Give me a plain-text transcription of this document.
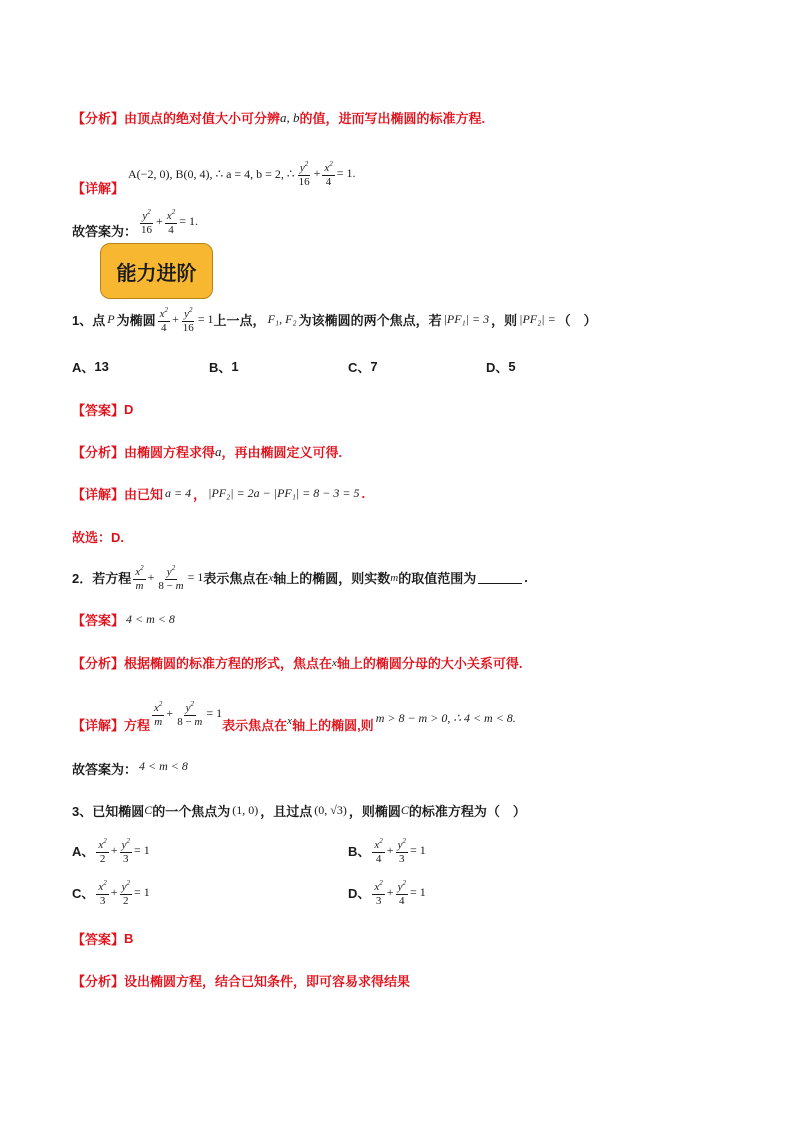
【分析】 由顶点的绝对值大小可分辨 a, b 的值，进而写出椭圆的标准方程.
【详解】
A(−2, 0), B(0, 4), ∴ a = 4, b = 2, ∴ $\frac{y^2}{16} + \frac{x^2}{4} = 1$.
故答案为： $\frac{y^2}{16} + \frac{x^2}{4} = 1$.
能力进阶
1、点 P 为椭圆 $\frac{x^2}{4} + \frac{y^2}{16} = 1$ 上一点， F₁, F₂ 为该椭圆的两个焦点，若 |PF₁| = 3 ，则 |PF₂| = （　）
A、 13	B、 1	C、 7	D、 5
【答案】 D
【分析】 由椭圆方程求得 a ，再由椭圆定义可得.
【详解】 由已知 a = 4 ， |PF₂| = 2a − |PF₁| = 8 − 3 = 5 .
故选：D.
2．若方程 $\frac{x^2}{m} + \frac{y^2}{8 - m} = 1$ 表示焦点在 x 轴上的椭圆，则实数 m 的取值范围为	.
【答案】 4 < m < 8
【分析】 根据椭圆的标准方程的形式，焦点在 x 轴上的椭圆分母的大小关系可得.
【详解】 方程 $\frac{x^2}{m} + \frac{y^2}{8 - m} = 1$
表示焦点在 x 轴上的椭圆,则 m > 8 − m > 0, ∴ 4 < m < 8.
故答案为： 4 < m < 8
3、已知椭圆 C 的一个焦点为 (1, 0) ，且过点 (0, √3) ，则椭圆 C 的标准方程为（　）
A、 $\frac{x^2}{2} + \frac{y^2}{3} = 1$	B、 $\frac{x^2}{4} + \frac{y^2}{3} = 1$
C、 $\frac{x^2}{3} + \frac{y^2}{2} = 1$	D、 $\frac{x^2}{3} + \frac{y^2}{4} = 1$
【答案】 B
【分析】 设出椭圆方程，结合已知条件，即可容易求得结果
